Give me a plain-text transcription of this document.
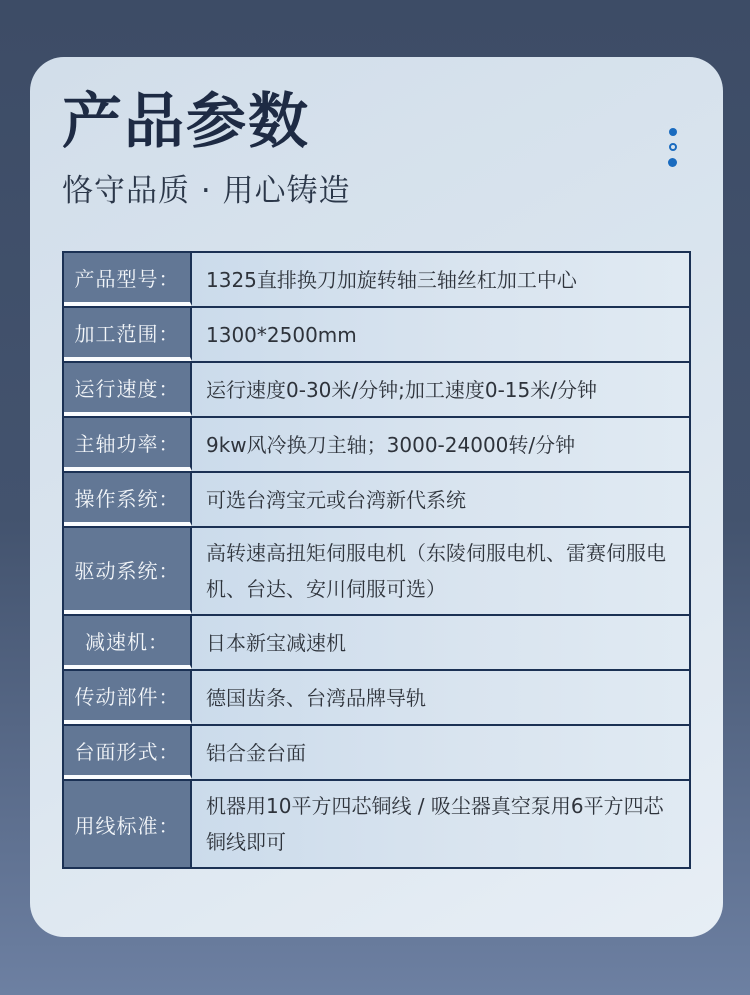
产品参数
恪守品质 · 用心铸造
产品型号：	1325直排换刀加旋转轴三轴丝杠加工中心
加工范围：	1300*2500mm
运行速度：	运行速度0-30米/分钟;加工速度0-15米/分钟
主轴功率：	9kw风冷换刀主轴；3000-24000转/分钟
操作系统：	可选台湾宝元或台湾新代系统
驱动系统：
高转速高扭矩伺服电机（东陵伺服电机、雷赛伺服电机、台达、安川伺服可选）
减速机：	日本新宝减速机
传动部件：	德国齿条、台湾品牌导轨
台面形式：	铝合金台面
用线标准：
机器用10平方四芯铜线 / 吸尘器真空泵用6平方四芯铜线即可
